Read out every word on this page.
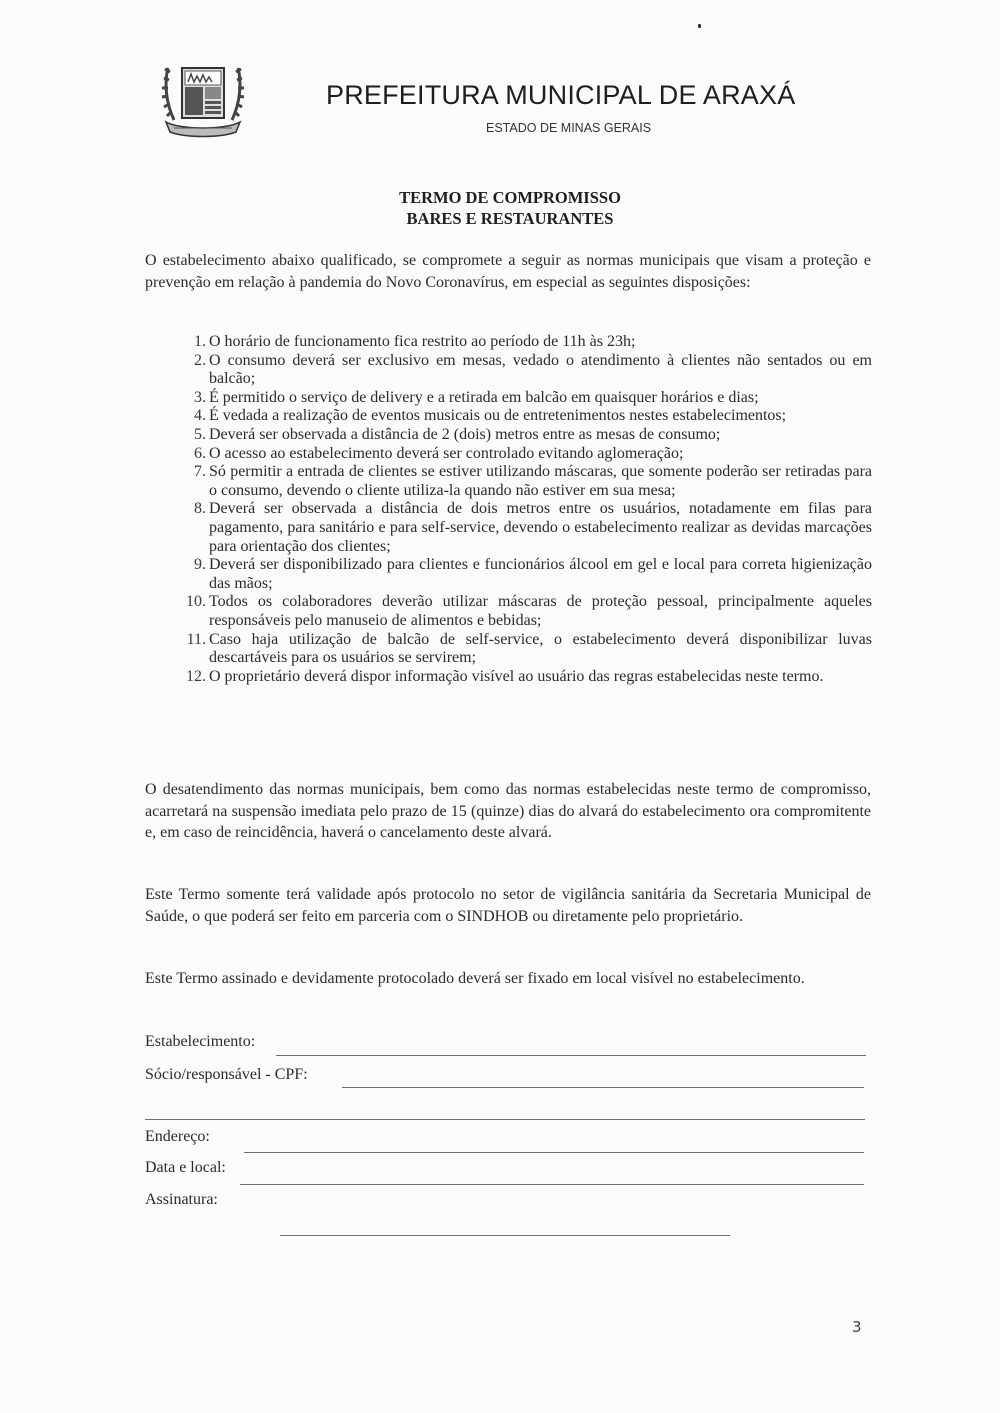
PREFEITURA MUNICIPAL DE ARAXÁ
ESTADO DE MINAS GERAIS
TERMO DE COMPROMISSO
BARES E RESTAURANTES
O estabelecimento abaixo qualificado, se compromete a seguir as normas municipais que visam a proteção e prevenção em relação à pandemia do Novo Coronavírus, em especial as seguintes disposições:
1. O horário de funcionamento fica restrito ao período de 11h às 23h;
2. O consumo deverá ser exclusivo em mesas, vedado o atendimento à clientes não sentados ou em balcão;
3. É permitido o serviço de delivery e a retirada em balcão em quaisquer horários e dias;
4. É vedada a realização de eventos musicais ou de entretenimentos nestes estabelecimentos;
5. Deverá ser observada a distância de 2 (dois) metros entre as mesas de consumo;
6. O acesso ao estabelecimento deverá ser controlado evitando aglomeração;
7. Só permitir a entrada de clientes se estiver utilizando máscaras, que somente poderão ser retiradas para o consumo, devendo o cliente utiliza-la quando não estiver em sua mesa;
8. Deverá ser observada a distância de dois metros entre os usuários, notadamente em filas para pagamento, para sanitário e para self-service, devendo o estabelecimento realizar as devidas marcações para orientação dos clientes;
9. Deverá ser disponibilizado para clientes e funcionários álcool em gel e local para correta higienização das mãos;
10. Todos os colaboradores deverão utilizar máscaras de proteção pessoal, principalmente aqueles responsáveis pelo manuseio de alimentos e bebidas;
11. Caso haja utilização de balcão de self-service, o estabelecimento deverá disponibilizar luvas descartáveis para os usuários se servirem;
12. O proprietário deverá dispor informação visível ao usuário das regras estabelecidas neste termo.
O desatendimento das normas municipais, bem como das normas estabelecidas neste termo de compromisso, acarretará na suspensão imediata pelo prazo de 15 (quinze) dias do alvará do estabelecimento ora compromitente e, em caso de reincidência, haverá o cancelamento deste alvará.
Este Termo somente terá validade após protocolo no setor de vigilância sanitária da Secretaria Municipal de Saúde, o que poderá ser feito em parceria com o SINDHOB ou diretamente pelo proprietário.
Este Termo assinado e devidamente protocolado deverá ser fixado em local visível no estabelecimento.
Estabelecimento:
Sócio/responsável - CPF:
Endereço:
Data e local:
Assinatura:
3
